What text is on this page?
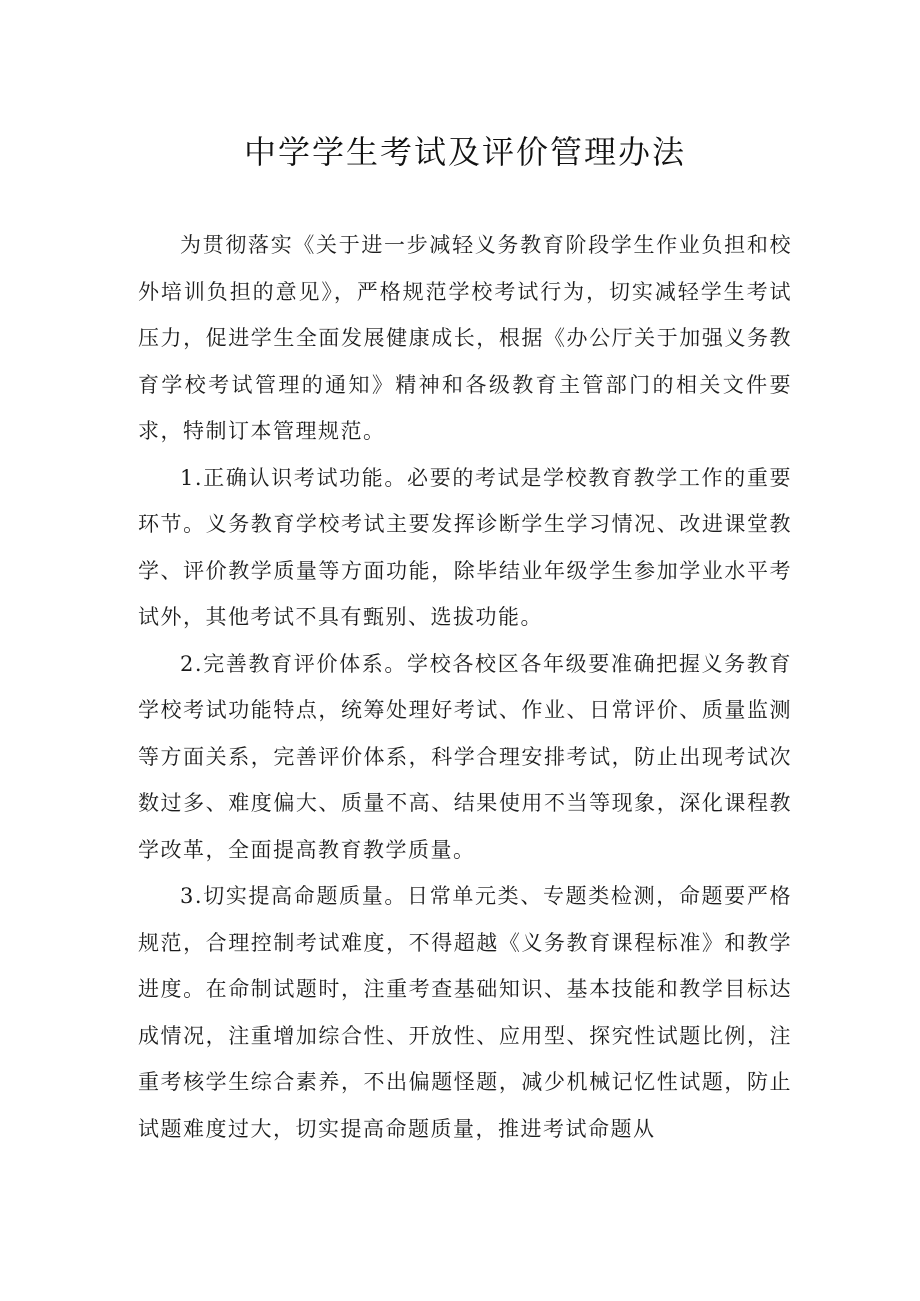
中学学生考试及评价管理办法

为贯彻落实《关于进一步减轻义务教育阶段学生作业负担和校外培训负担的意见》，严格规范学校考试行为，切实减轻学生考试压力，促进学生全面发展健康成长，根据《办公厅关于加强义务教育学校考试管理的通知》精神和各级教育主管部门的相关文件要求，特制订本管理规范。

1.正确认识考试功能。必要的考试是学校教育教学工作的重要环节。义务教育学校考试主要发挥诊断学生学习情况、改进课堂教学、评价教学质量等方面功能，除毕结业年级学生参加学业水平考试外，其他考试不具有甄别、选拔功能。

2.完善教育评价体系。学校各校区各年级要准确把握义务教育学校考试功能特点，统筹处理好考试、作业、日常评价、质量监测等方面关系，完善评价体系，科学合理安排考试，防止出现考试次数过多、难度偏大、质量不高、结果使用不当等现象，深化课程教学改革，全面提高教育教学质量。

3.切实提高命题质量。日常单元类、专题类检测，命题要严格规范，合理控制考试难度，不得超越《义务教育课程标准》和教学进度。在命制试题时，注重考查基础知识、基本技能和教学目标达成情况，注重增加综合性、开放性、应用型、探究性试题比例，注重考核学生综合素养，不出偏题怪题，减少机械记忆性试题，防止试题难度过大，切实提高命题质量，推进考试命题从
